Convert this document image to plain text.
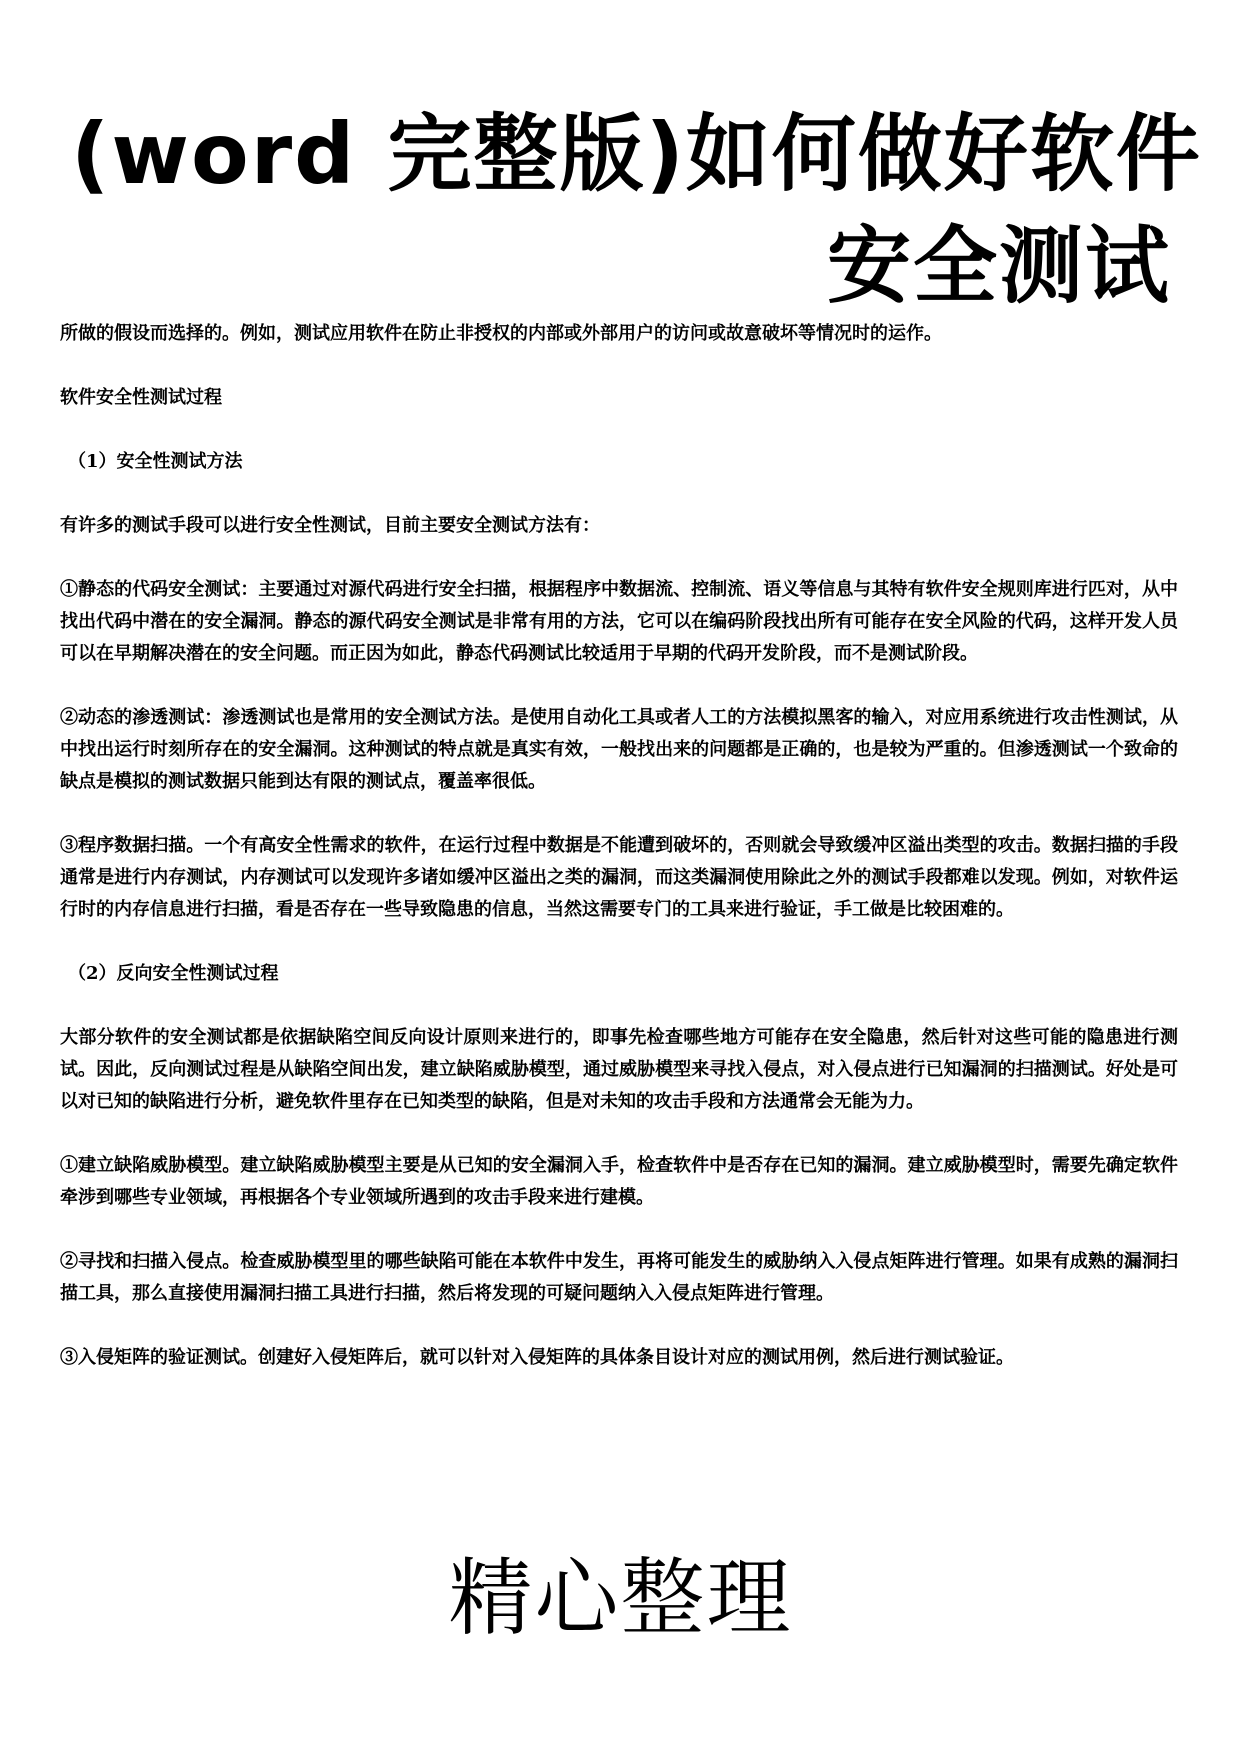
(word 完整版)如何做好软件
安全测试

所做的假设而选择的。例如，测试应用软件在防止非授权的内部或外部用户的访问或故意破坏等情况时的运作。

软件安全性测试过程

（1）安全性测试方法

有许多的测试手段可以进行安全性测试，目前主要安全测试方法有：

①静态的代码安全测试：主要通过对源代码进行安全扫描，根据程序中数据流、控制流、语义等信息与其特有软件安全规则库进行匹对，从中找出代码中潜在的安全漏洞。静态的源代码安全测试是非常有用的方法，它可以在编码阶段找出所有可能存在安全风险的代码，这样开发人员可以在早期解决潜在的安全问题。而正因为如此，静态代码测试比较适用于早期的代码开发阶段，而不是测试阶段。

②动态的渗透测试：渗透测试也是常用的安全测试方法。是使用自动化工具或者人工的方法模拟黑客的输入，对应用系统进行攻击性测试，从中找出运行时刻所存在的安全漏洞。这种测试的特点就是真实有效，一般找出来的问题都是正确的，也是较为严重的。但渗透测试一个致命的缺点是模拟的测试数据只能到达有限的测试点，覆盖率很低。

③程序数据扫描。一个有高安全性需求的软件，在运行过程中数据是不能遭到破坏的，否则就会导致缓冲区溢出类型的攻击。数据扫描的手段通常是进行内存测试，内存测试可以发现许多诸如缓冲区溢出之类的漏洞，而这类漏洞使用除此之外的测试手段都难以发现。例如，对软件运行时的内存信息进行扫描，看是否存在一些导致隐患的信息，当然这需要专门的工具来进行验证，手工做是比较困难的。

（2）反向安全性测试过程

大部分软件的安全测试都是依据缺陷空间反向设计原则来进行的，即事先检查哪些地方可能存在安全隐患，然后针对这些可能的隐患进行测试。因此，反向测试过程是从缺陷空间出发，建立缺陷威胁模型，通过威胁模型来寻找入侵点，对入侵点进行已知漏洞的扫描测试。好处是可以对已知的缺陷进行分析，避免软件里存在已知类型的缺陷，但是对未知的攻击手段和方法通常会无能为力。

①建立缺陷威胁模型。建立缺陷威胁模型主要是从已知的安全漏洞入手，检查软件中是否存在已知的漏洞。建立威胁模型时，需要先确定软件牵涉到哪些专业领域，再根据各个专业领域所遇到的攻击手段来进行建模。

②寻找和扫描入侵点。检查威胁模型里的哪些缺陷可能在本软件中发生，再将可能发生的威胁纳入入侵点矩阵进行管理。如果有成熟的漏洞扫描工具，那么直接使用漏洞扫描工具进行扫描，然后将发现的可疑问题纳入入侵点矩阵进行管理。

③入侵矩阵的验证测试。创建好入侵矩阵后，就可以针对入侵矩阵的具体条目设计对应的测试用例，然后进行测试验证。

精心整理
